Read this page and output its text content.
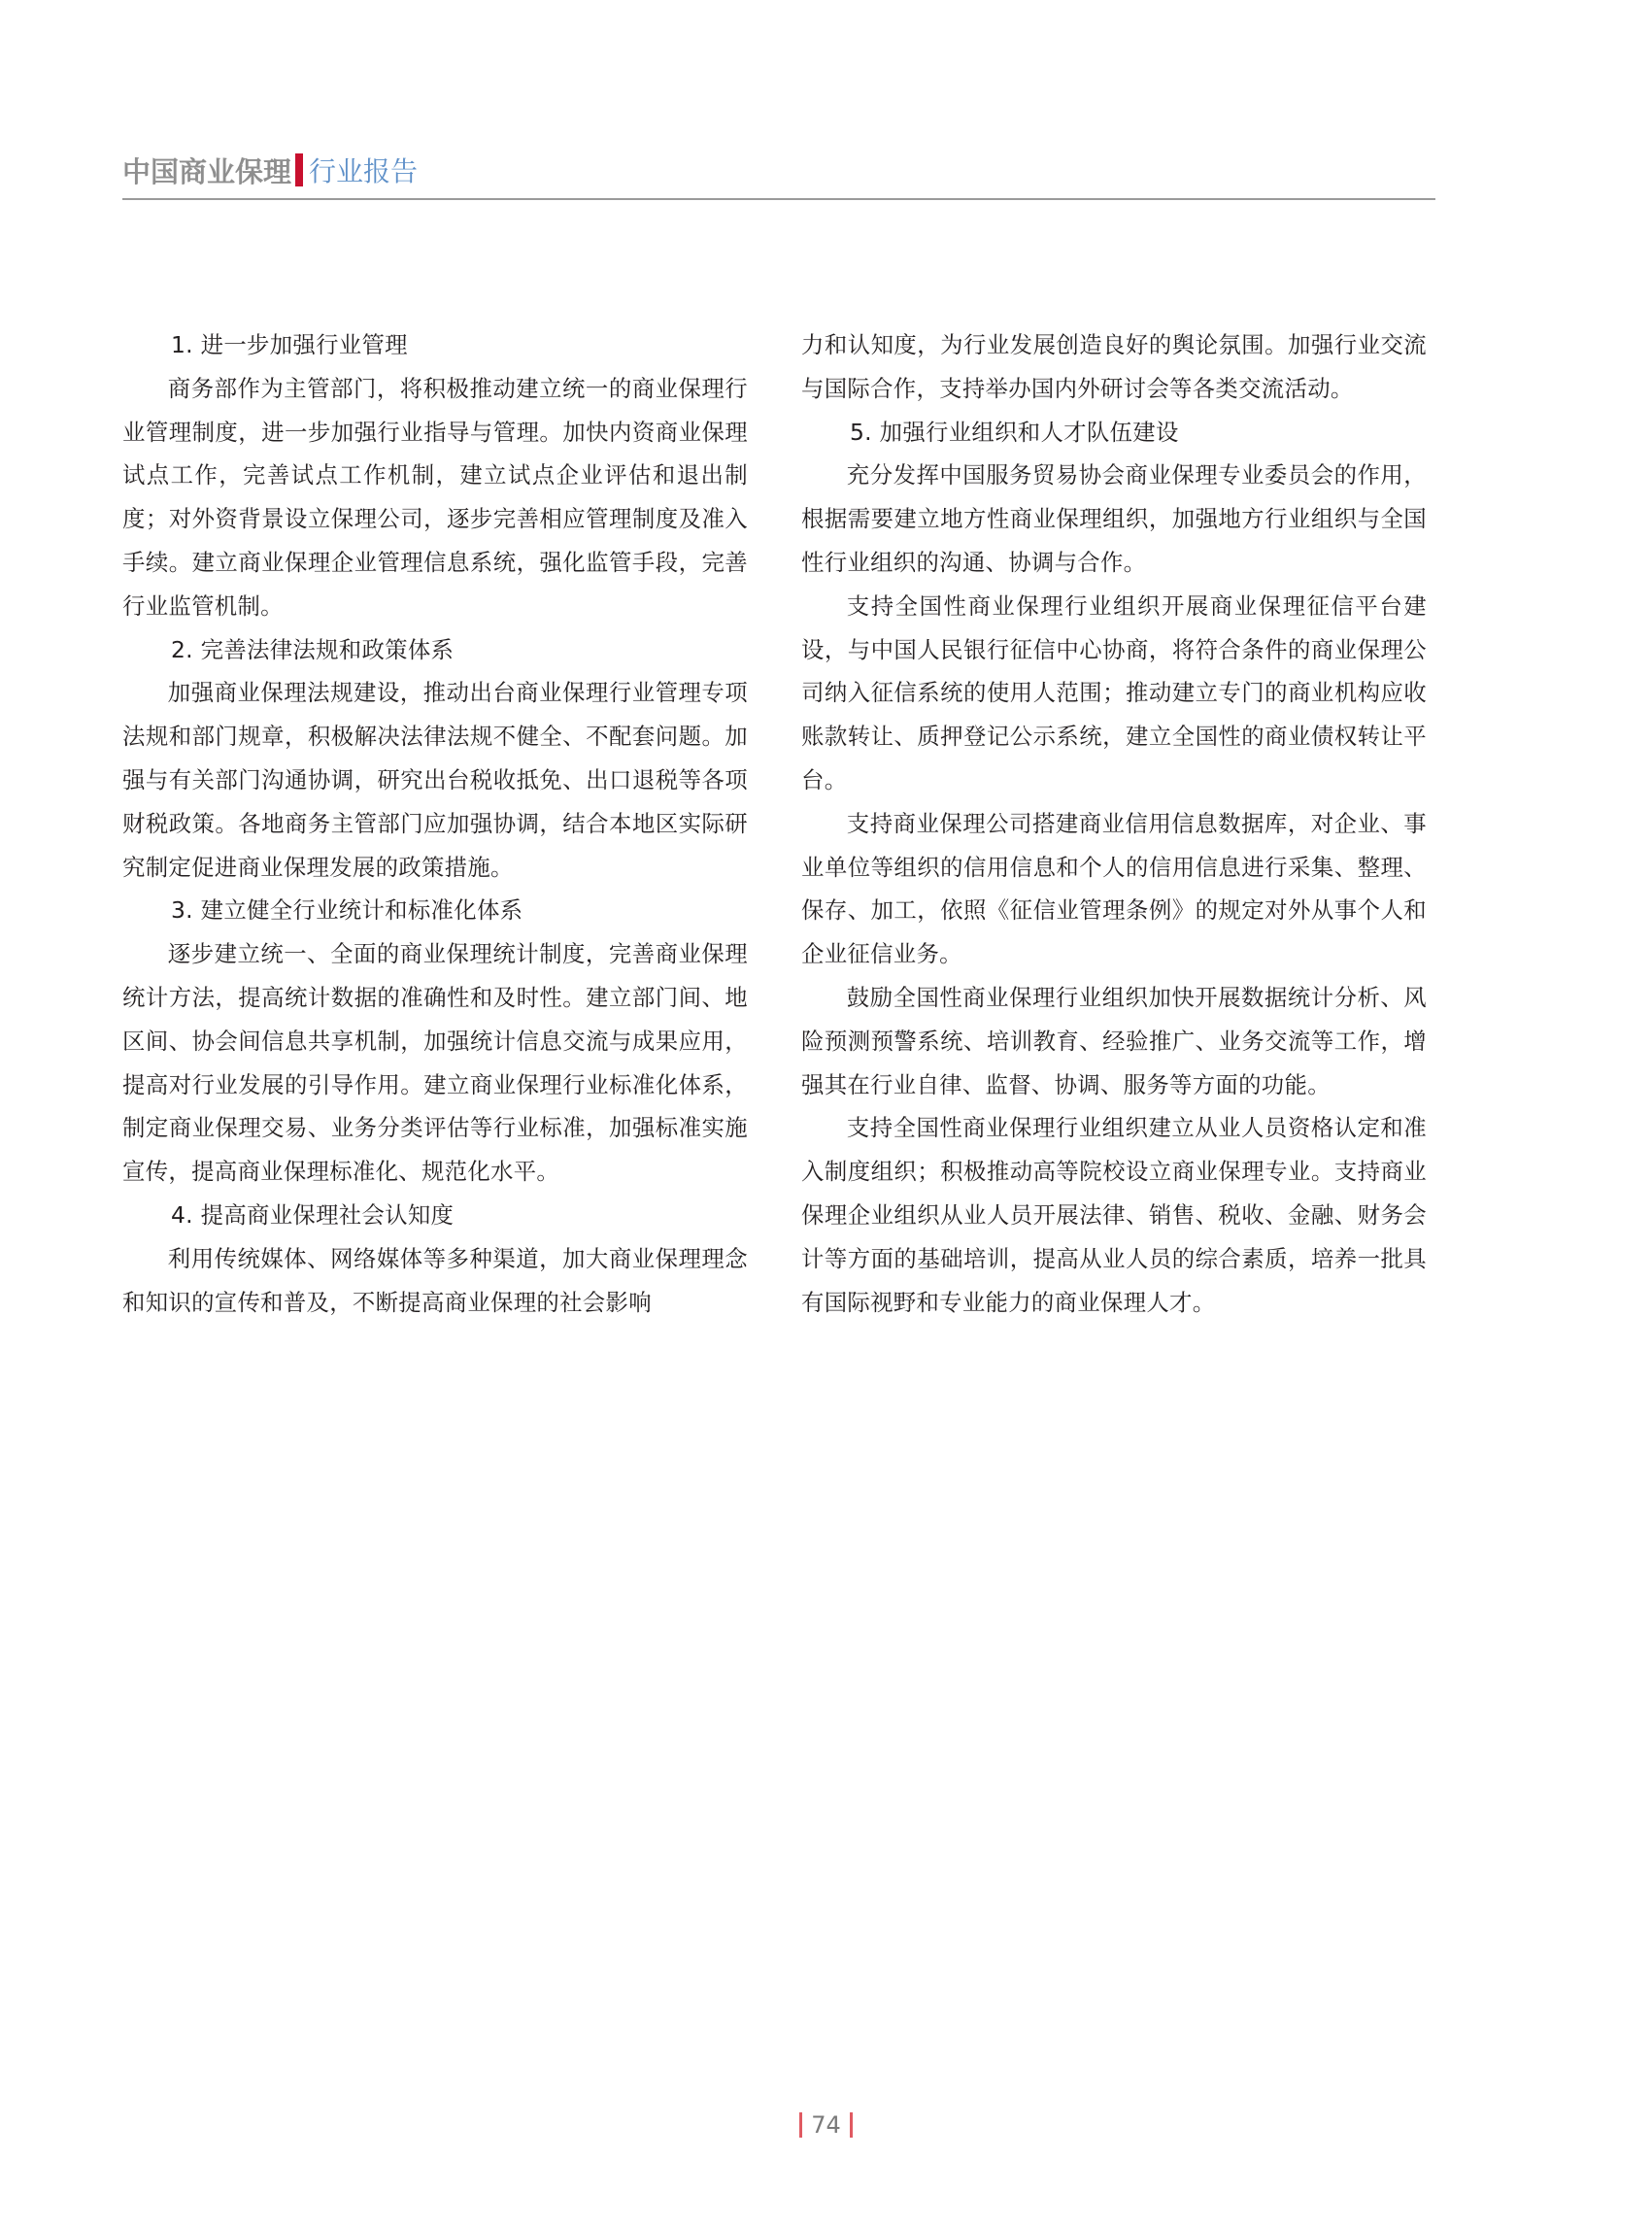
中国商业保理 行业报告
1. 进一步加强行业管理

商务部作为主管部门，将积极推动建立统一的商业保理行业管理制度，进一步加强行业指导与管理。加快内资商业保理试点工作，完善试点工作机制，建立试点企业评估和退出制度；对外资背景设立保理公司，逐步完善相应管理制度及准入手续。建立商业保理企业管理信息系统，强化监管手段，完善行业监管机制。

2. 完善法律法规和政策体系

加强商业保理法规建设，推动出台商业保理行业管理专项法规和部门规章，积极解决法律法规不健全、不配套问题。加强与有关部门沟通协调，研究出台税收抵免、出口退税等各项财税政策。各地商务主管部门应加强协调，结合本地区实际研究制定促进商业保理发展的政策措施。

3. 建立健全行业统计和标准化体系

逐步建立统一、全面的商业保理统计制度，完善商业保理统计方法，提高统计数据的准确性和及时性。建立部门间、地区间、协会间信息共享机制，加强统计信息交流与成果应用，提高对行业发展的引导作用。建立商业保理行业标准化体系，制定商业保理交易、业务分类评估等行业标准，加强标准实施宣传，提高商业保理标准化、规范化水平。

4. 提高商业保理社会认知度

利用传统媒体、网络媒体等多种渠道，加大商业保理理念和知识的宣传和普及，不断提高商业保理的社会影响

力和认知度，为行业发展创造良好的舆论氛围。加强行业交流与国际合作，支持举办国内外研讨会等各类交流活动。

5. 加强行业组织和人才队伍建设

充分发挥中国服务贸易协会商业保理专业委员会的作用，根据需要建立地方性商业保理组织，加强地方行业组织与全国性行业组织的沟通、协调与合作。

支持全国性商业保理行业组织开展商业保理征信平台建设，与中国人民银行征信中心协商，将符合条件的商业保理公司纳入征信系统的使用人范围；推动建立专门的商业机构应收账款转让、质押登记公示系统，建立全国性的商业债权转让平台。

支持商业保理公司搭建商业信用信息数据库，对企业、事业单位等组织的信用信息和个人的信用信息进行采集、整理、保存、加工，依照《征信业管理条例》的规定对外从事个人和企业征信业务。

鼓励全国性商业保理行业组织加快开展数据统计分析、风险预测预警系统、培训教育、经验推广、业务交流等工作，增强其在行业自律、监督、协调、服务等方面的功能。

支持全国性商业保理行业组织建立从业人员资格认定和准入制度组织；积极推动高等院校设立商业保理专业。支持商业保理企业组织从业人员开展法律、销售、税收、金融、财务会计等方面的基础培训，提高从业人员的综合素质，培养一批具有国际视野和专业能力的商业保理人才。

74
